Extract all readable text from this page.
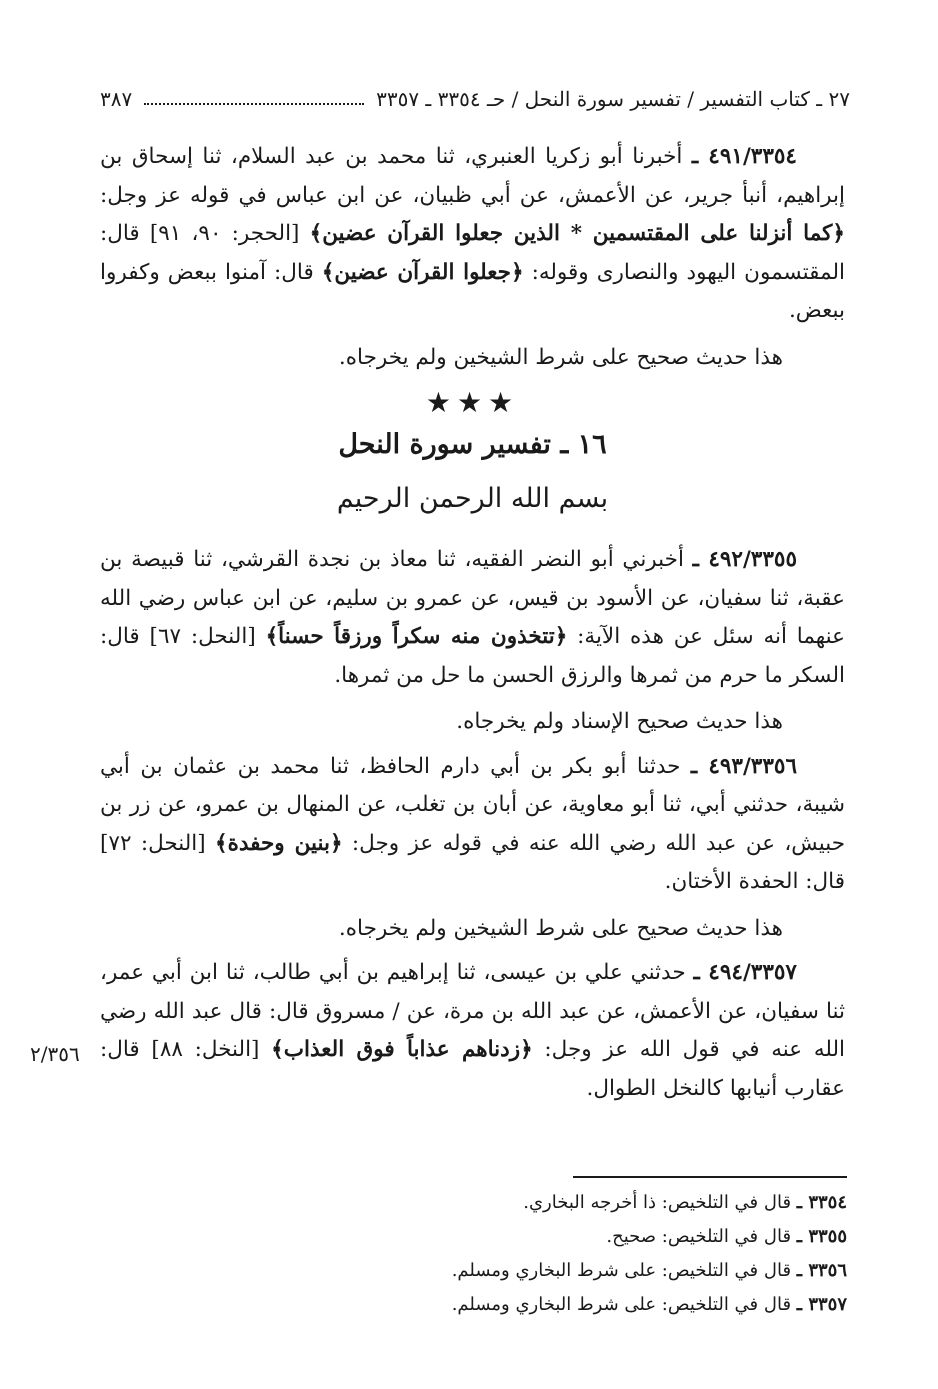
٢٧ ـ كتاب التفسير / تفسير سورة النحل / حـ ٣٣٥٤ ـ ٣٣٥٧
٣٨٧

٤٩١/٣٣٥٤ ـ أخبرنا أبو زكريا العنبري، ثنا محمد بن عبد السلام، ثنا إسحاق بن إبراهيم، أنبأ جرير، عن الأعمش، عن أبي ظبيان، عن ابن عباس في قوله عز وجل: ﴿كما أنزلنا على المقتسمين * الذين جعلوا القرآن عضين﴾ [الحجر: ٩٠، ٩١] قال: المقتسمون اليهود والنصارى وقوله: ﴿جعلوا القرآن عضين﴾ قال: آمنوا ببعض وكفروا ببعض.

هذا حديث صحيح على شرط الشيخين ولم يخرجاه.

★★★

١٦ ـ تفسير سورة النحل

بسم الله الرحمن الرحيم

٤٩٢/٣٣٥٥ ـ أخبرني أبو النضر الفقيه، ثنا معاذ بن نجدة القرشي، ثنا قبيصة بن عقبة، ثنا سفيان، عن الأسود بن قيس، عن عمرو بن سليم، عن ابن عباس رضي الله عنهما أنه سئل عن هذه الآية: ﴿تتخذون منه سكراً ورزقاً حسناً﴾ [النحل: ٦٧] قال: السكر ما حرم من ثمرها والرزق الحسن ما حل من ثمرها.

هذا حديث صحيح الإسناد ولم يخرجاه.

٤٩٣/٣٣٥٦ ـ حدثنا أبو بكر بن أبي دارم الحافظ، ثنا محمد بن عثمان بن أبي شيبة، حدثني أبي، ثنا أبو معاوية، عن أبان بن تغلب، عن المنهال بن عمرو، عن زر بن حبيش، عن عبد الله رضي الله عنه في قوله عز وجل: ﴿بنين وحفدة﴾ [النحل: ٧٢] قال: الحفدة الأختان.

هذا حديث صحيح على شرط الشيخين ولم يخرجاه.

٤٩٤/٣٣٥٧ ـ حدثني علي بن عيسى، ثنا إبراهيم بن أبي طالب، ثنا ابن أبي عمر، ثنا سفيان، عن الأعمش، عن عبد الله بن مرة، عن / مسروق قال: قال عبد الله رضي الله عنه في قول الله عز وجل: ﴿زدناهم عذاباً فوق العذاب﴾ [النخل: ٨٨] قال: عقارب أنيابها كالنخل الطوال.

٢/٣٥٦

٣٣٥٤ ـ قال في التلخيص: ذا أخرجه البخاري.

٣٣٥٥ ـ قال في التلخيص: صحيح.

٣٣٥٦ ـ قال في التلخيص: على شرط البخاري ومسلم.

٣٣٥٧ ـ قال في التلخيص: على شرط البخاري ومسلم.
